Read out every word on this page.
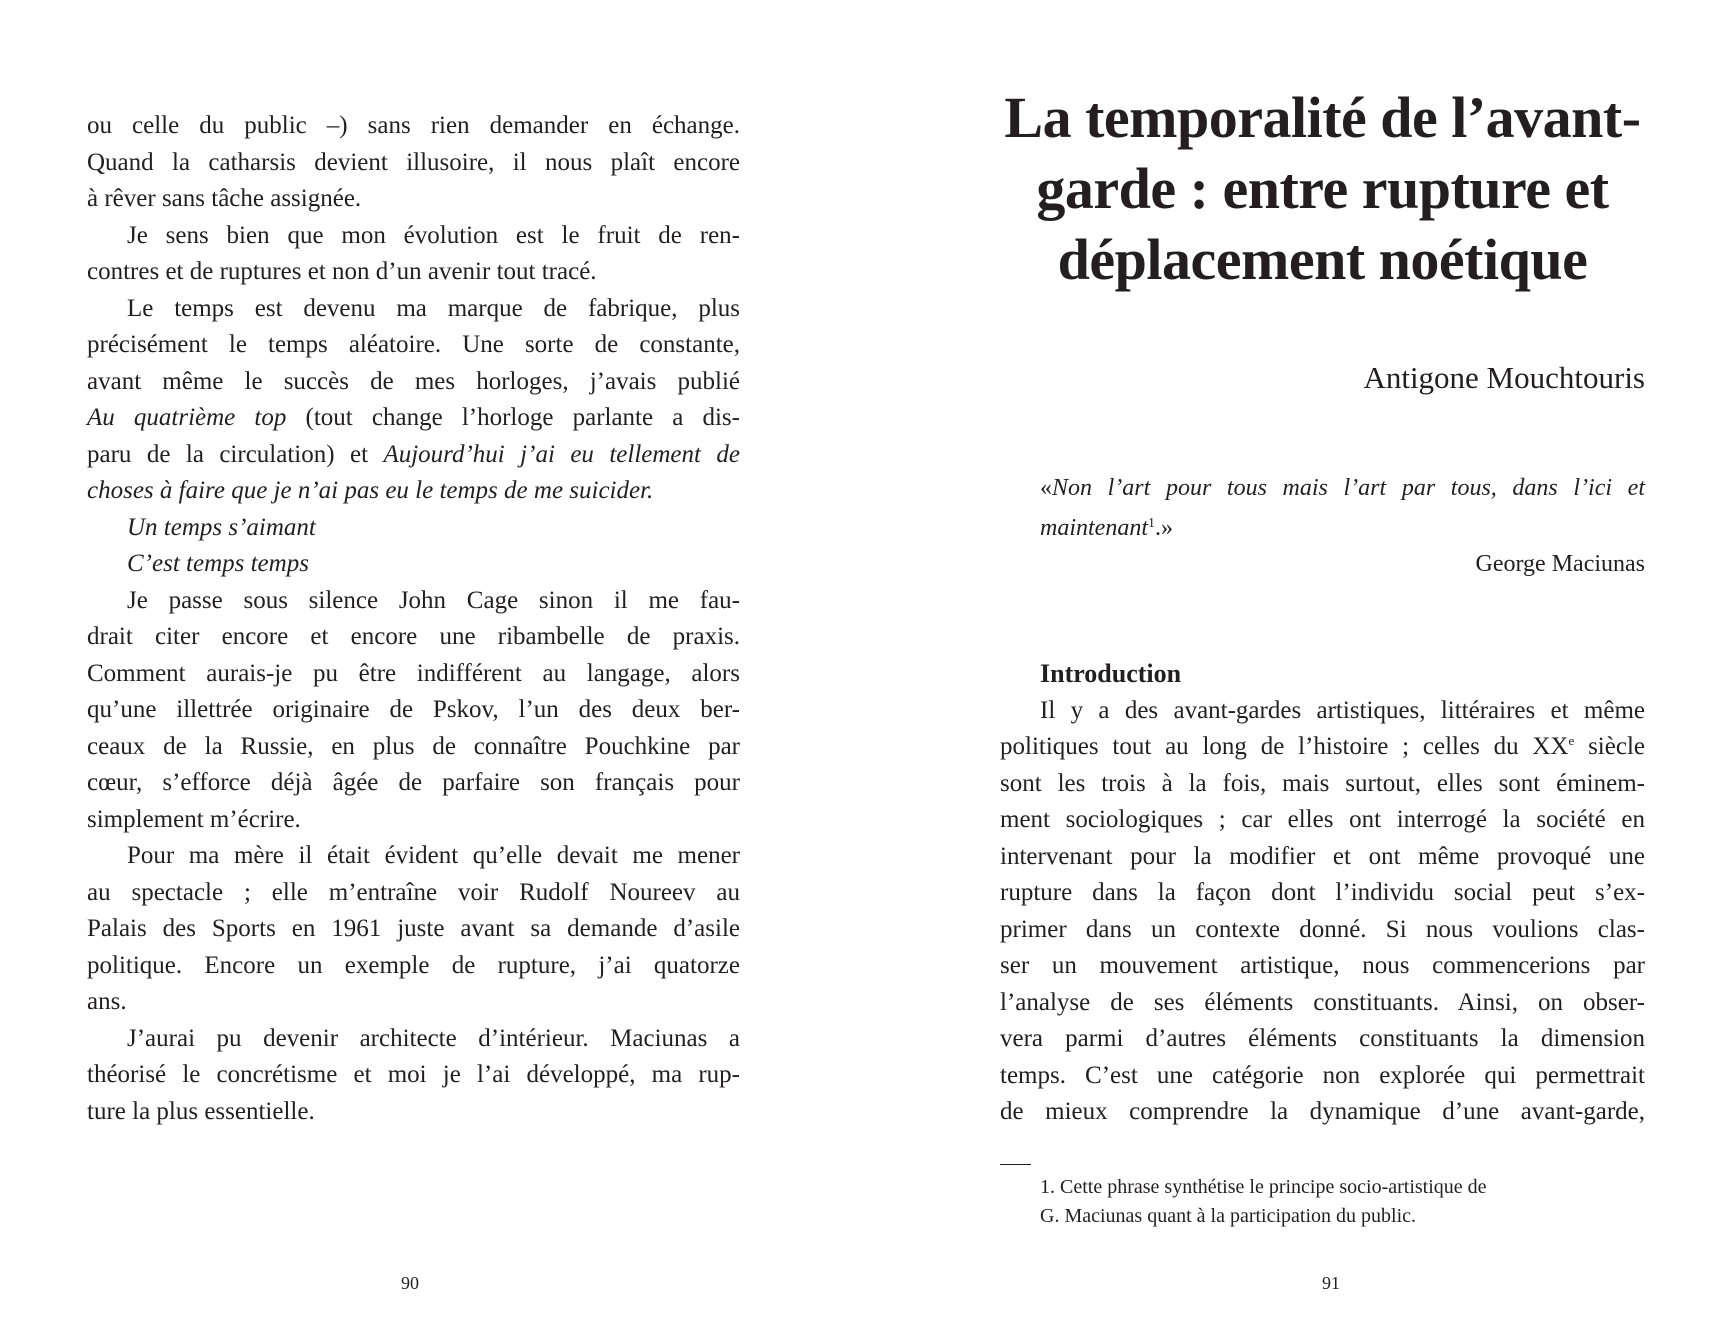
ou celle du public –) sans rien demander en échange.
Quand la catharsis devient illusoire, il nous plaît encore
à rêver sans tâche assignée.
Je sens bien que mon évolution est le fruit de ren-
contres et de ruptures et non d’un avenir tout tracé.
Le temps est devenu ma marque de fabrique, plus
précisément le temps aléatoire. Une sorte de constante,
avant même le succès de mes horloges, j’avais publié
Au quatrième top (tout change l’horloge parlante a dis-
paru de la circulation) et Aujourd’hui j’ai eu tellement de
choses à faire que je n’ai pas eu le temps de me suicider.
Un temps s’aimant
C’est temps temps
Je passe sous silence John Cage sinon il me fau-
drait citer encore et encore une ribambelle de praxis.
Comment aurais-je pu être indifférent au langage, alors
qu’une illettrée originaire de Pskov, l’un des deux ber-
ceaux de la Russie, en plus de connaître Pouchkine par
cœur, s’efforce déjà âgée de parfaire son français pour
simplement m’écrire.
Pour ma mère il était évident qu’elle devait me mener
au spectacle ; elle m’entraîne voir Rudolf Noureev au
Palais des Sports en 1961 juste avant sa demande d’asile
politique. Encore un exemple de rupture, j’ai quatorze
ans.
J’aurai pu devenir architecte d’intérieur. Maciunas a
théorisé le concrétisme et moi je l’ai développé, ma rup-
ture la plus essentielle.
90
La temporalité de l’avant-
garde : entre rupture et
déplacement noétique
Antigone Mouchtouris
«Non l’art pour tous mais l’art par tous, dans l’ici et
maintenant$^1$.»
George Maciunas
Introduction
Il y a des avant-gardes artistiques, littéraires et même
politiques tout au long de l’histoire ; celles du XXe siècle
sont les trois à la fois, mais surtout, elles sont éminem-
ment sociologiques ; car elles ont interrogé la société en
intervenant pour la modifier et ont même provoqué une
rupture dans la façon dont l’individu social peut s’ex-
primer dans un contexte donné. Si nous voulions clas-
ser un mouvement artistique, nous commencerions par
l’analyse de ses éléments constituants. Ainsi, on obser-
vera parmi d’autres éléments constituants la dimension
temps. C’est une catégorie non explorée qui permettrait
de mieux comprendre la dynamique d’une avant-garde,
1. Cette phrase synthétise le principe socio-artistique de
G. Maciunas quant à la participation du public.
91
